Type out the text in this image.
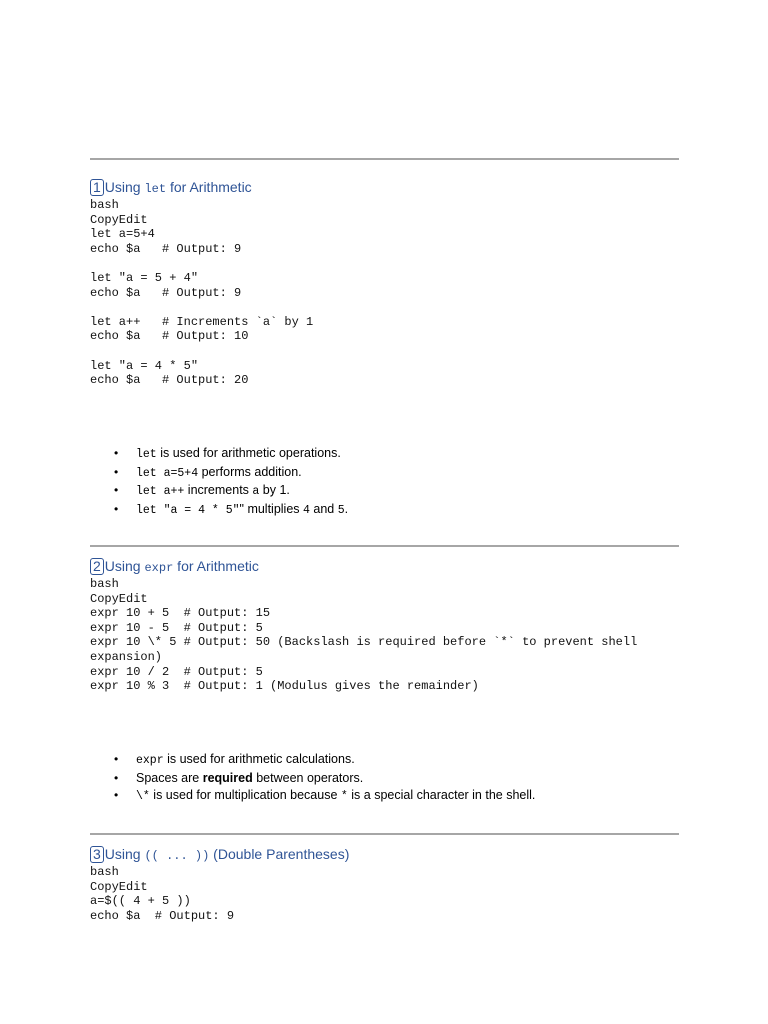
1 Using let for Arithmetic
bash
CopyEdit
let a=5+4
echo $a   # Output: 9

let "a = 5 + 4"
echo $a   # Output: 9

let a++   # Increments `a` by 1
echo $a   # Output: 10

let "a = 4 * 5"
echo $a   # Output: 20
• let is used for arithmetic operations.
• let a=5+4 performs addition.
• let a++ increments a by 1.
• let "a = 4 * 5"" multiplies 4 and 5.
2 Using expr for Arithmetic
bash
CopyEdit
expr 10 + 5  # Output: 15
expr 10 - 5  # Output: 5
expr 10 \* 5 # Output: 50 (Backslash is required before `*` to prevent shell
expansion)
expr 10 / 2  # Output: 5
expr 10 % 3  # Output: 1 (Modulus gives the remainder)
• expr is used for arithmetic calculations.
• Spaces are required between operators.
• \* is used for multiplication because * is a special character in the shell.
3 Using (( ... )) (Double Parentheses)
bash
CopyEdit
a=$(( 4 + 5 ))
echo $a  # Output: 9
